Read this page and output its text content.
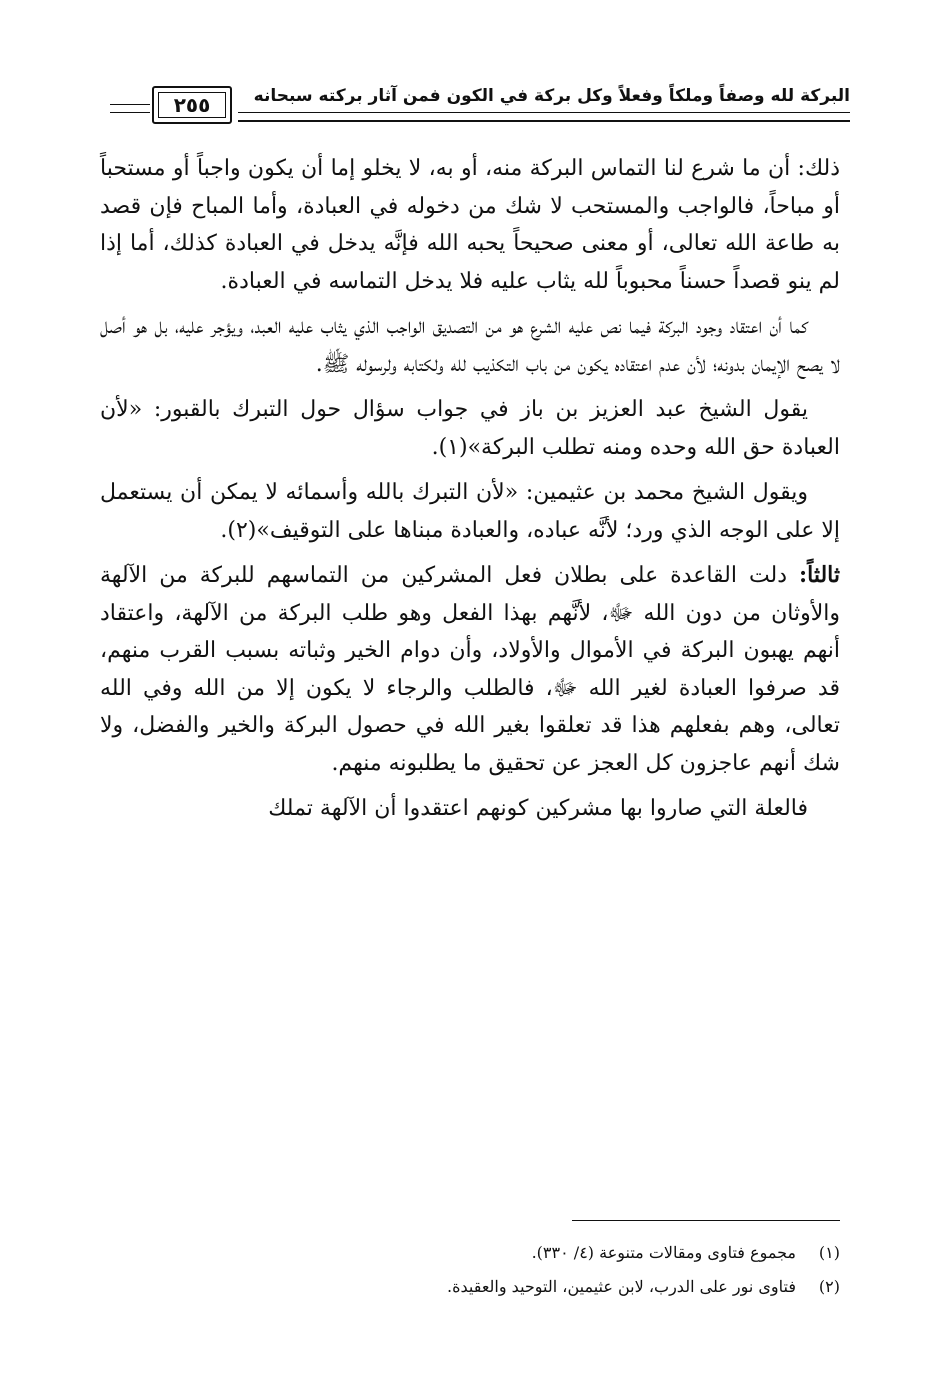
٢٥٥	البركة لله وصفاً وملكاً وفعلاً وكل بركة في الكون فمن آثار بركته سبحانه

ذلك: أن ما شرع لنا التماس البركة منه، أو به، لا يخلو إما أن يكون واجباً أو مستحباً أو مباحاً، فالواجب والمستحب لا شك من دخوله في العبادة، وأما المباح فإن قصد به طاعة الله تعالى، أو معنى صحيحاً يحبه الله فإنَّه يدخل في العبادة كذلك، أما إذا لم ينو قصداً حسناً محبوباً لله يثاب عليه فلا يدخل التماسه في العبادة.

كما أن اعتقاد وجود البركة فيما نص عليه الشرع هو من التصديق الواجب الذي يثاب عليه العبد، ويؤجر عليه، بل هو أصل لا يصح الإيمان بدونه؛ لأن عدم اعتقاده يكون من باب التكذيب لله ولكتابه ولرسوله ﷺ.

يقول الشيخ عبد العزيز بن باز في جواب سؤال حول التبرك بالقبور: «لأن العبادة حق الله وحده ومنه تطلب البركة»(١).

ويقول الشيخ محمد بن عثيمين: «لأن التبرك بالله وأسمائه لا يمكن أن يستعمل إلا على الوجه الذي ورد؛ لأنَّه عباده، والعبادة مبناها على التوقيف»(٢).

ثالثاً: دلت القاعدة على بطلان فعل المشركين من التماسهم للبركة من الآلهة والأوثان من دون الله ﷻ، لأنَّهم بهذا الفعل وهو طلب البركة من الآلهة، واعتقاد أنهم يهبون البركة في الأموال والأولاد، وأن دوام الخير وثباته بسبب القرب منهم، قد صرفوا العبادة لغير الله ﷻ، فالطلب والرجاء لا يكون إلا من الله وفي الله تعالى، وهم بفعلهم هذا قد تعلقوا بغير الله في حصول البركة والخير والفضل، ولا شك أنهم عاجزون كل العجز عن تحقيق ما يطلبونه منهم.

فالعلة التي صاروا بها مشركين كونهم اعتقدوا أن الآلهة تملك

(١)
مجموع فتاوى ومقالات متنوعة (٤/ ٣٣٠).
(٢)
فتاوى نور على الدرب، لابن عثيمين، التوحيد والعقيدة.
